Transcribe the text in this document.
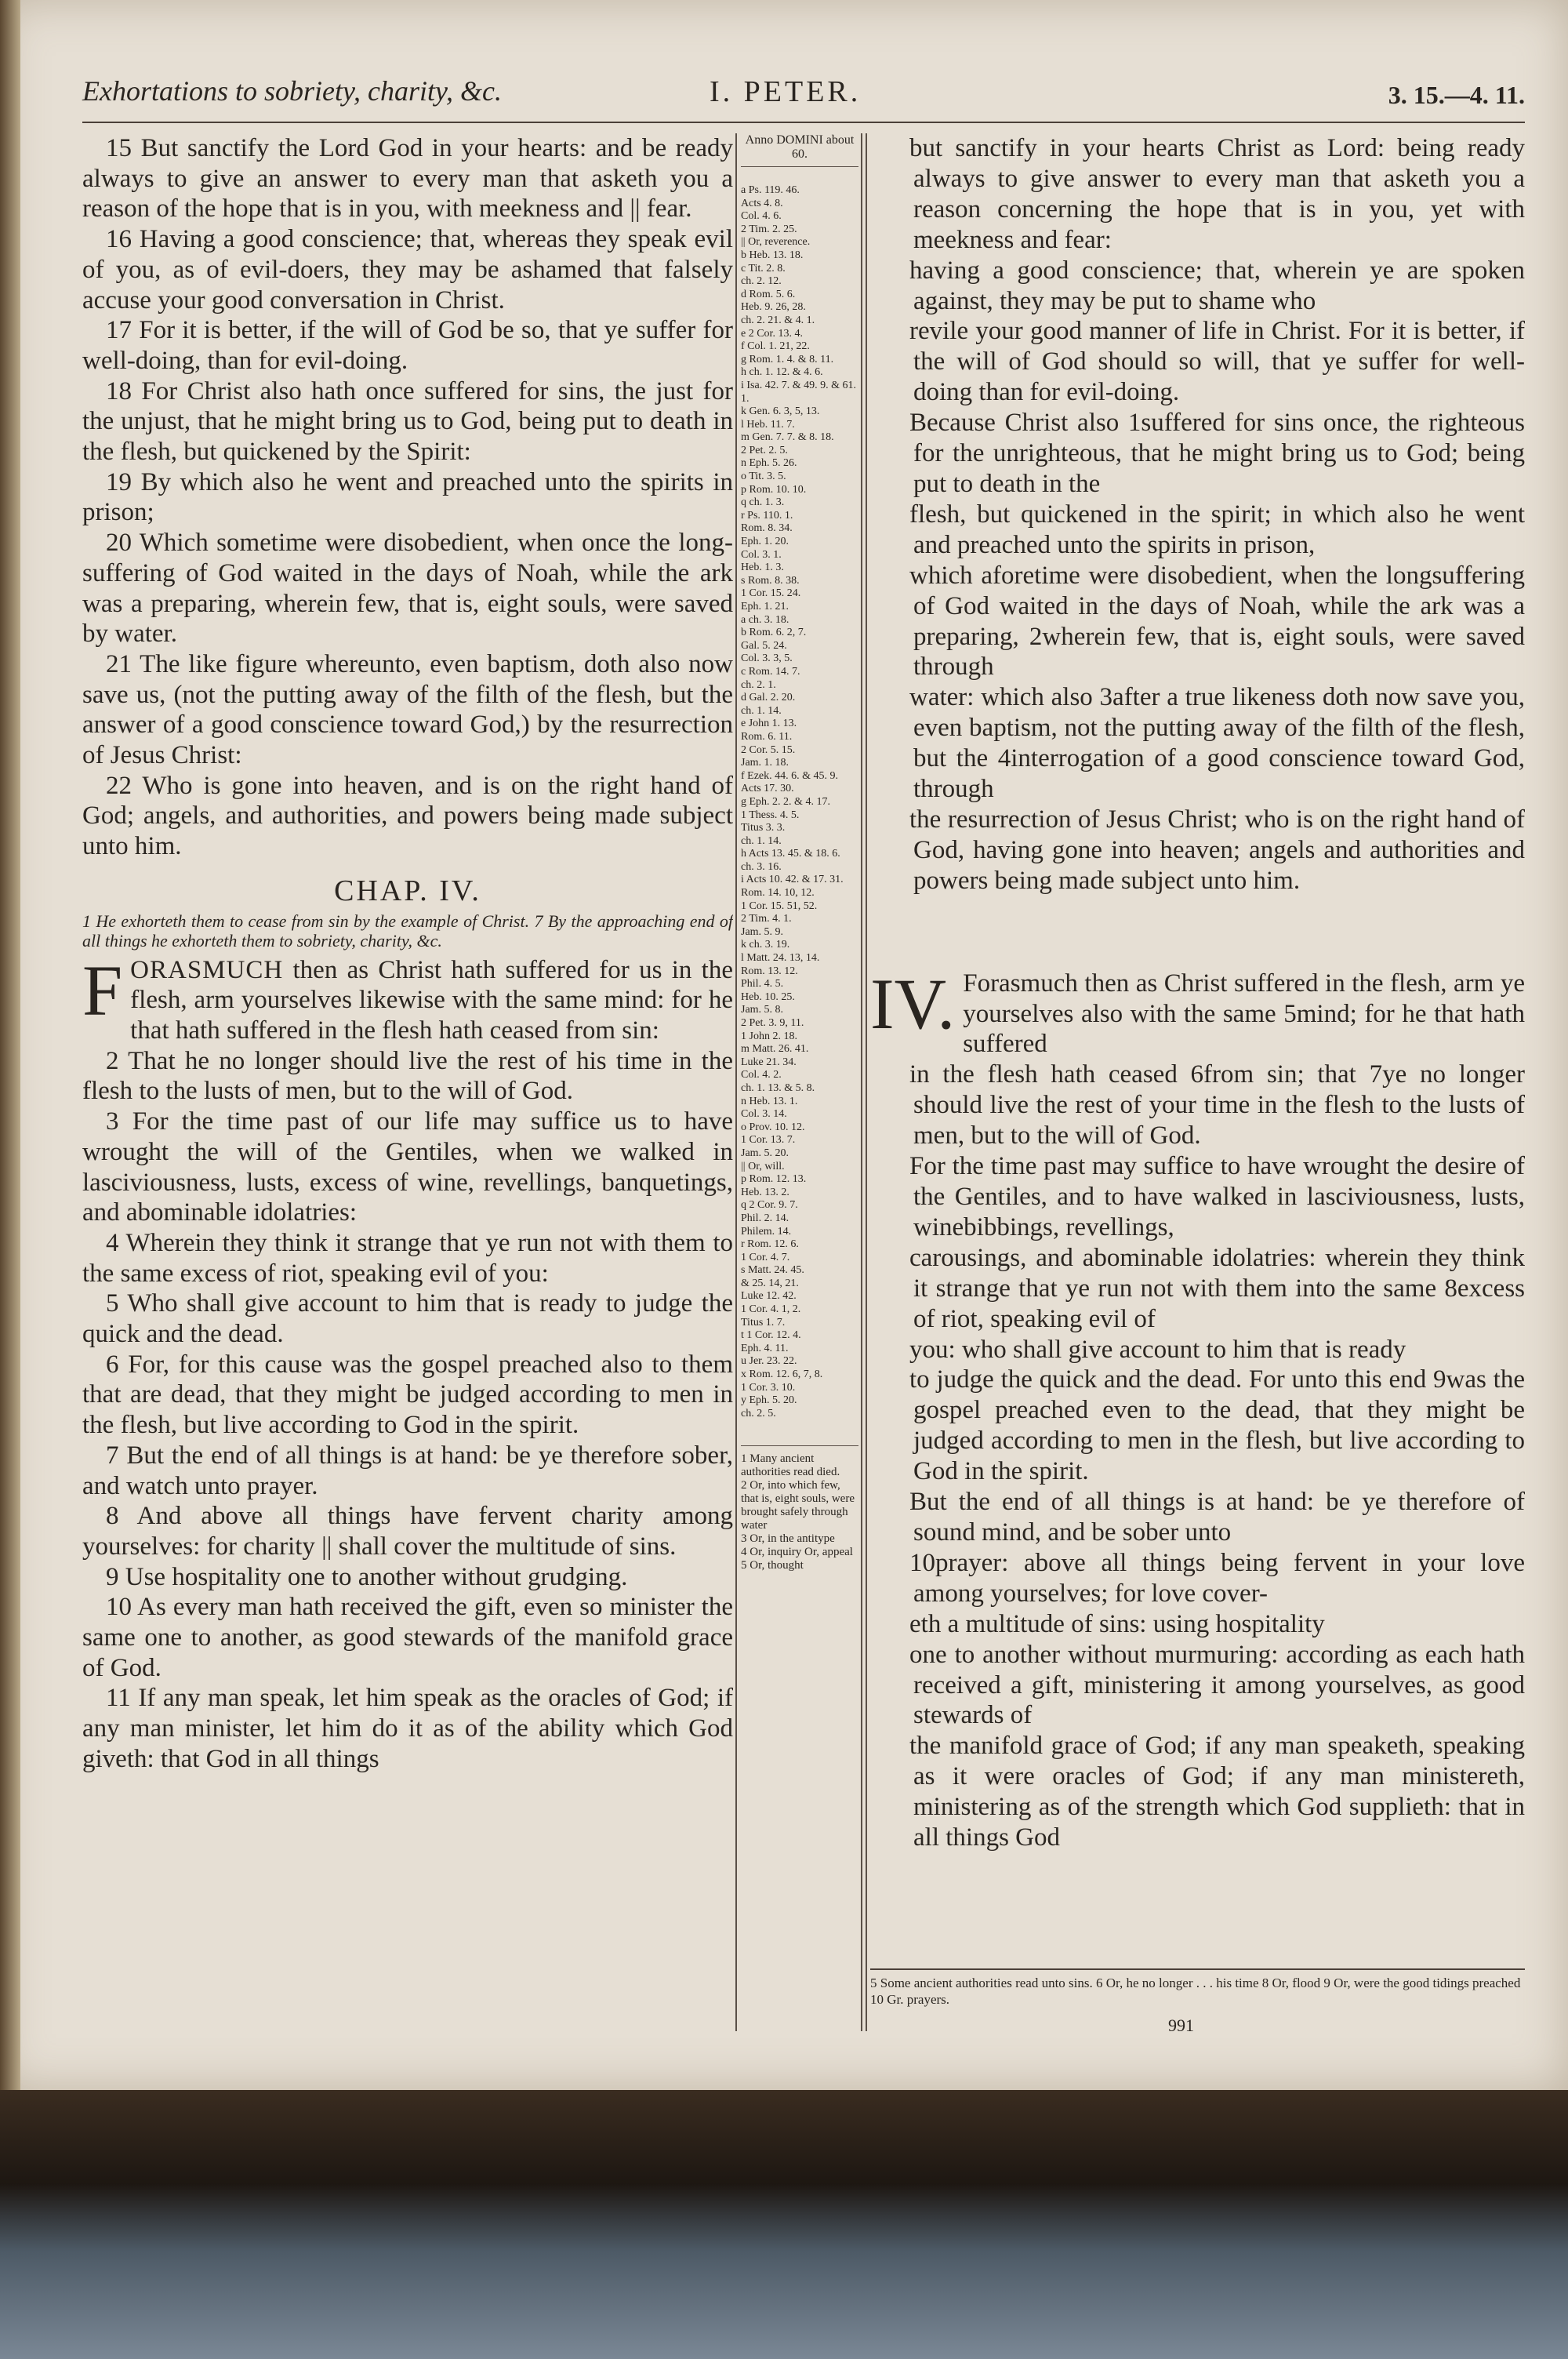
Exhortations to sobriety, charity, &c.	I. PETER.	3. 15.—4. 11.

15 But sanctify the Lord God in your hearts: and be ready always to give an answer to every man that asketh you a reason of the hope that is in you, with meekness and || fear.

16 Having a good conscience; that, whereas they speak evil of you, as of evil-doers, they may be ashamed that falsely accuse your good conversation in Christ.

17 For it is better, if the will of God be so, that ye suffer for well-doing, than for evil-doing.

18 For Christ also hath once suffered for sins, the just for the unjust, that he might bring us to God, being put to death in the flesh, but quickened by the Spirit:

19 By which also he went and preached unto the spirits in prison;

20 Which sometime were disobedient, when once the long-suffering of God waited in the days of Noah, while the ark was a preparing, wherein few, that is, eight souls, were saved by water.

21 The like figure whereunto, even baptism, doth also now save us, (not the putting away of the filth of the flesh, but the answer of a good conscience toward God,) by the resurrection of Jesus Christ:

22 Who is gone into heaven, and is on the right hand of God; angels, and authorities, and powers being made subject unto him.

CHAP. IV.

1 He exhorteth them to cease from sin by the example of Christ. 7 By the approaching end of all things he exhorteth them to sobriety, charity, &c.

FORASMUCH then as Christ hath suffered for us in the flesh, arm yourselves likewise with the same mind: for he that hath suffered in the flesh hath ceased from sin:

2 That he no longer should live the rest of his time in the flesh to the lusts of men, but to the will of God.

3 For the time past of our life may suffice us to have wrought the will of the Gentiles, when we walked in lasciviousness, lusts, excess of wine, revellings, banquetings, and abominable idolatries:

4 Wherein they think it strange that ye run not with them to the same excess of riot, speaking evil of you:

5 Who shall give account to him that is ready to judge the quick and the dead.

6 For, for this cause was the gospel preached also to them that are dead, that they might be judged according to men in the flesh, but live according to God in the spirit.

7 But the end of all things is at hand: be ye therefore sober, and watch unto prayer.

8 And above all things have fervent charity among yourselves: for charity || shall cover the multitude of sins.

9 Use hospitality one to another without grudging.

10 As every man hath received the gift, even so minister the same one to another, as good stewards of the manifold grace of God.

11 If any man speak, let him speak as the oracles of God; if any man minister, let him do it as of the ability which God giveth: that God in all things

Anno DOMINI about 60.

a Ps. 119. 46.

Acts 4. 8.

Col. 4. 6.

2 Tim. 2. 25.

|| Or, reverence.

b Heb. 13. 18.

c Tit. 2. 8.

ch. 2. 12.

d Rom. 5. 6.

Heb. 9. 26, 28.

ch. 2. 21. & 4. 1.

e 2 Cor. 13. 4.

f Col. 1. 21, 22.

g Rom. 1. 4. & 8. 11.

h ch. 1. 12. & 4. 6.

i Isa. 42. 7. & 49. 9. & 61. 1.

k Gen. 6. 3, 5, 13.

l Heb. 11. 7.

m Gen. 7. 7. & 8. 18.

2 Pet. 2. 5.

n Eph. 5. 26.

o Tit. 3. 5.

p Rom. 10. 10.

q ch. 1. 3.

r Ps. 110. 1.

Rom. 8. 34.

Eph. 1. 20.

Col. 3. 1.

Heb. 1. 3.

s Rom. 8. 38.

1 Cor. 15. 24.

Eph. 1. 21.

a ch. 3. 18.

b Rom. 6. 2, 7.

Gal. 5. 24.

Col. 3. 3, 5.

c Rom. 14. 7.

ch. 2. 1.

d Gal. 2. 20.

ch. 1. 14.

e John 1. 13.

Rom. 6. 11.

2 Cor. 5. 15.

Jam. 1. 18.

f Ezek. 44. 6. & 45. 9.

Acts 17. 30.

g Eph. 2. 2. & 4. 17.

1 Thess. 4. 5.

Titus 3. 3.

ch. 1. 14.

h Acts 13. 45. & 18. 6.

ch. 3. 16.

i Acts 10. 42. & 17. 31.

Rom. 14. 10, 12.

1 Cor. 15. 51, 52.

2 Tim. 4. 1.

Jam. 5. 9.

k ch. 3. 19.

l Matt. 24. 13, 14.

Rom. 13. 12.

Phil. 4. 5.

Heb. 10. 25.

Jam. 5. 8.

2 Pet. 3. 9, 11.

1 John 2. 18.

m Matt. 26. 41.

Luke 21. 34.

Col. 4. 2.

ch. 1. 13. & 5. 8.

n Heb. 13. 1.

Col. 3. 14.

o Prov. 10. 12.

1 Cor. 13. 7.

Jam. 5. 20.

|| Or, will.

p Rom. 12. 13.

Heb. 13. 2.

q 2 Cor. 9. 7.

Phil. 2. 14.

Philem. 14.

r Rom. 12. 6.

1 Cor. 4. 7.

s Matt. 24. 45.

& 25. 14, 21.

Luke 12. 42.

1 Cor. 4. 1, 2.

Titus 1. 7.

t 1 Cor. 12. 4.

Eph. 4. 11.

u Jer. 23. 22.

x Rom. 12. 6, 7, 8.

1 Cor. 3. 10.

y Eph. 5. 20.

ch. 2. 5.

1 Many ancient authorities read died.

2 Or, into which few, that is, eight souls, were brought safely through water

3 Or, in the antitype

4 Or, inquiry Or, appeal

5 Or, thought

but sanctify in your hearts Christ as Lord: being ready always to give answer to every man that asketh you a reason concerning the hope that is in you, yet with meekness and fear:

having a good conscience; that, wherein ye are spoken against, they may be put to shame who

revile your good manner of life in Christ. For it is better, if the will of God should so will, that ye suffer for well-doing than for evil-doing.

Because Christ also 1suffered for sins once, the righteous for the unrighteous, that he might bring us to God; being put to death in the

flesh, but quickened in the spirit; in which also he went and preached unto the spirits in prison,

which aforetime were disobedient, when the longsuffering of God waited in the days of Noah, while the ark was a preparing, 2wherein few, that is, eight souls, were saved through

water: which also 3after a true likeness doth now save you, even baptism, not the putting away of the filth of the flesh, but the 4interrogation of a good conscience toward God, through

the resurrection of Jesus Christ; who is on the right hand of God, having gone into heaven; angels and authorities and powers being made subject unto him.

IV. Forasmuch then as Christ suffered in the flesh, arm ye yourselves also with the same 5mind; for he that hath suffered

in the flesh hath ceased 6from sin; that 7ye no longer should live the rest of your time in the flesh to the lusts of men, but to the will of God.

For the time past may suffice to have wrought the desire of the Gentiles, and to have walked in lasciviousness, lusts, winebibbings, revellings,

carousings, and abominable idolatries: wherein they think it strange that ye run not with them into the same 8excess of riot, speaking evil of

you: who shall give account to him that is ready

to judge the quick and the dead. For unto this end 9was the gospel preached even to the dead, that they might be judged according to men in the flesh, but live according to God in the spirit.

But the end of all things is at hand: be ye therefore of sound mind, and be sober unto

10prayer: above all things being fervent in your love among yourselves; for love cover-

eth a multitude of sins: using hospitality

one to another without murmuring: according as each hath received a gift, ministering it among yourselves, as good stewards of

the manifold grace of God; if any man speaketh, speaking as it were oracles of God; if any man ministereth, ministering as of the strength which God supplieth: that in all things God

5 Some ancient authorities read unto sins. 6 Or, he no longer . . . his time 8 Or, flood 9 Or, were the good tidings preached 10 Gr. prayers.
991
